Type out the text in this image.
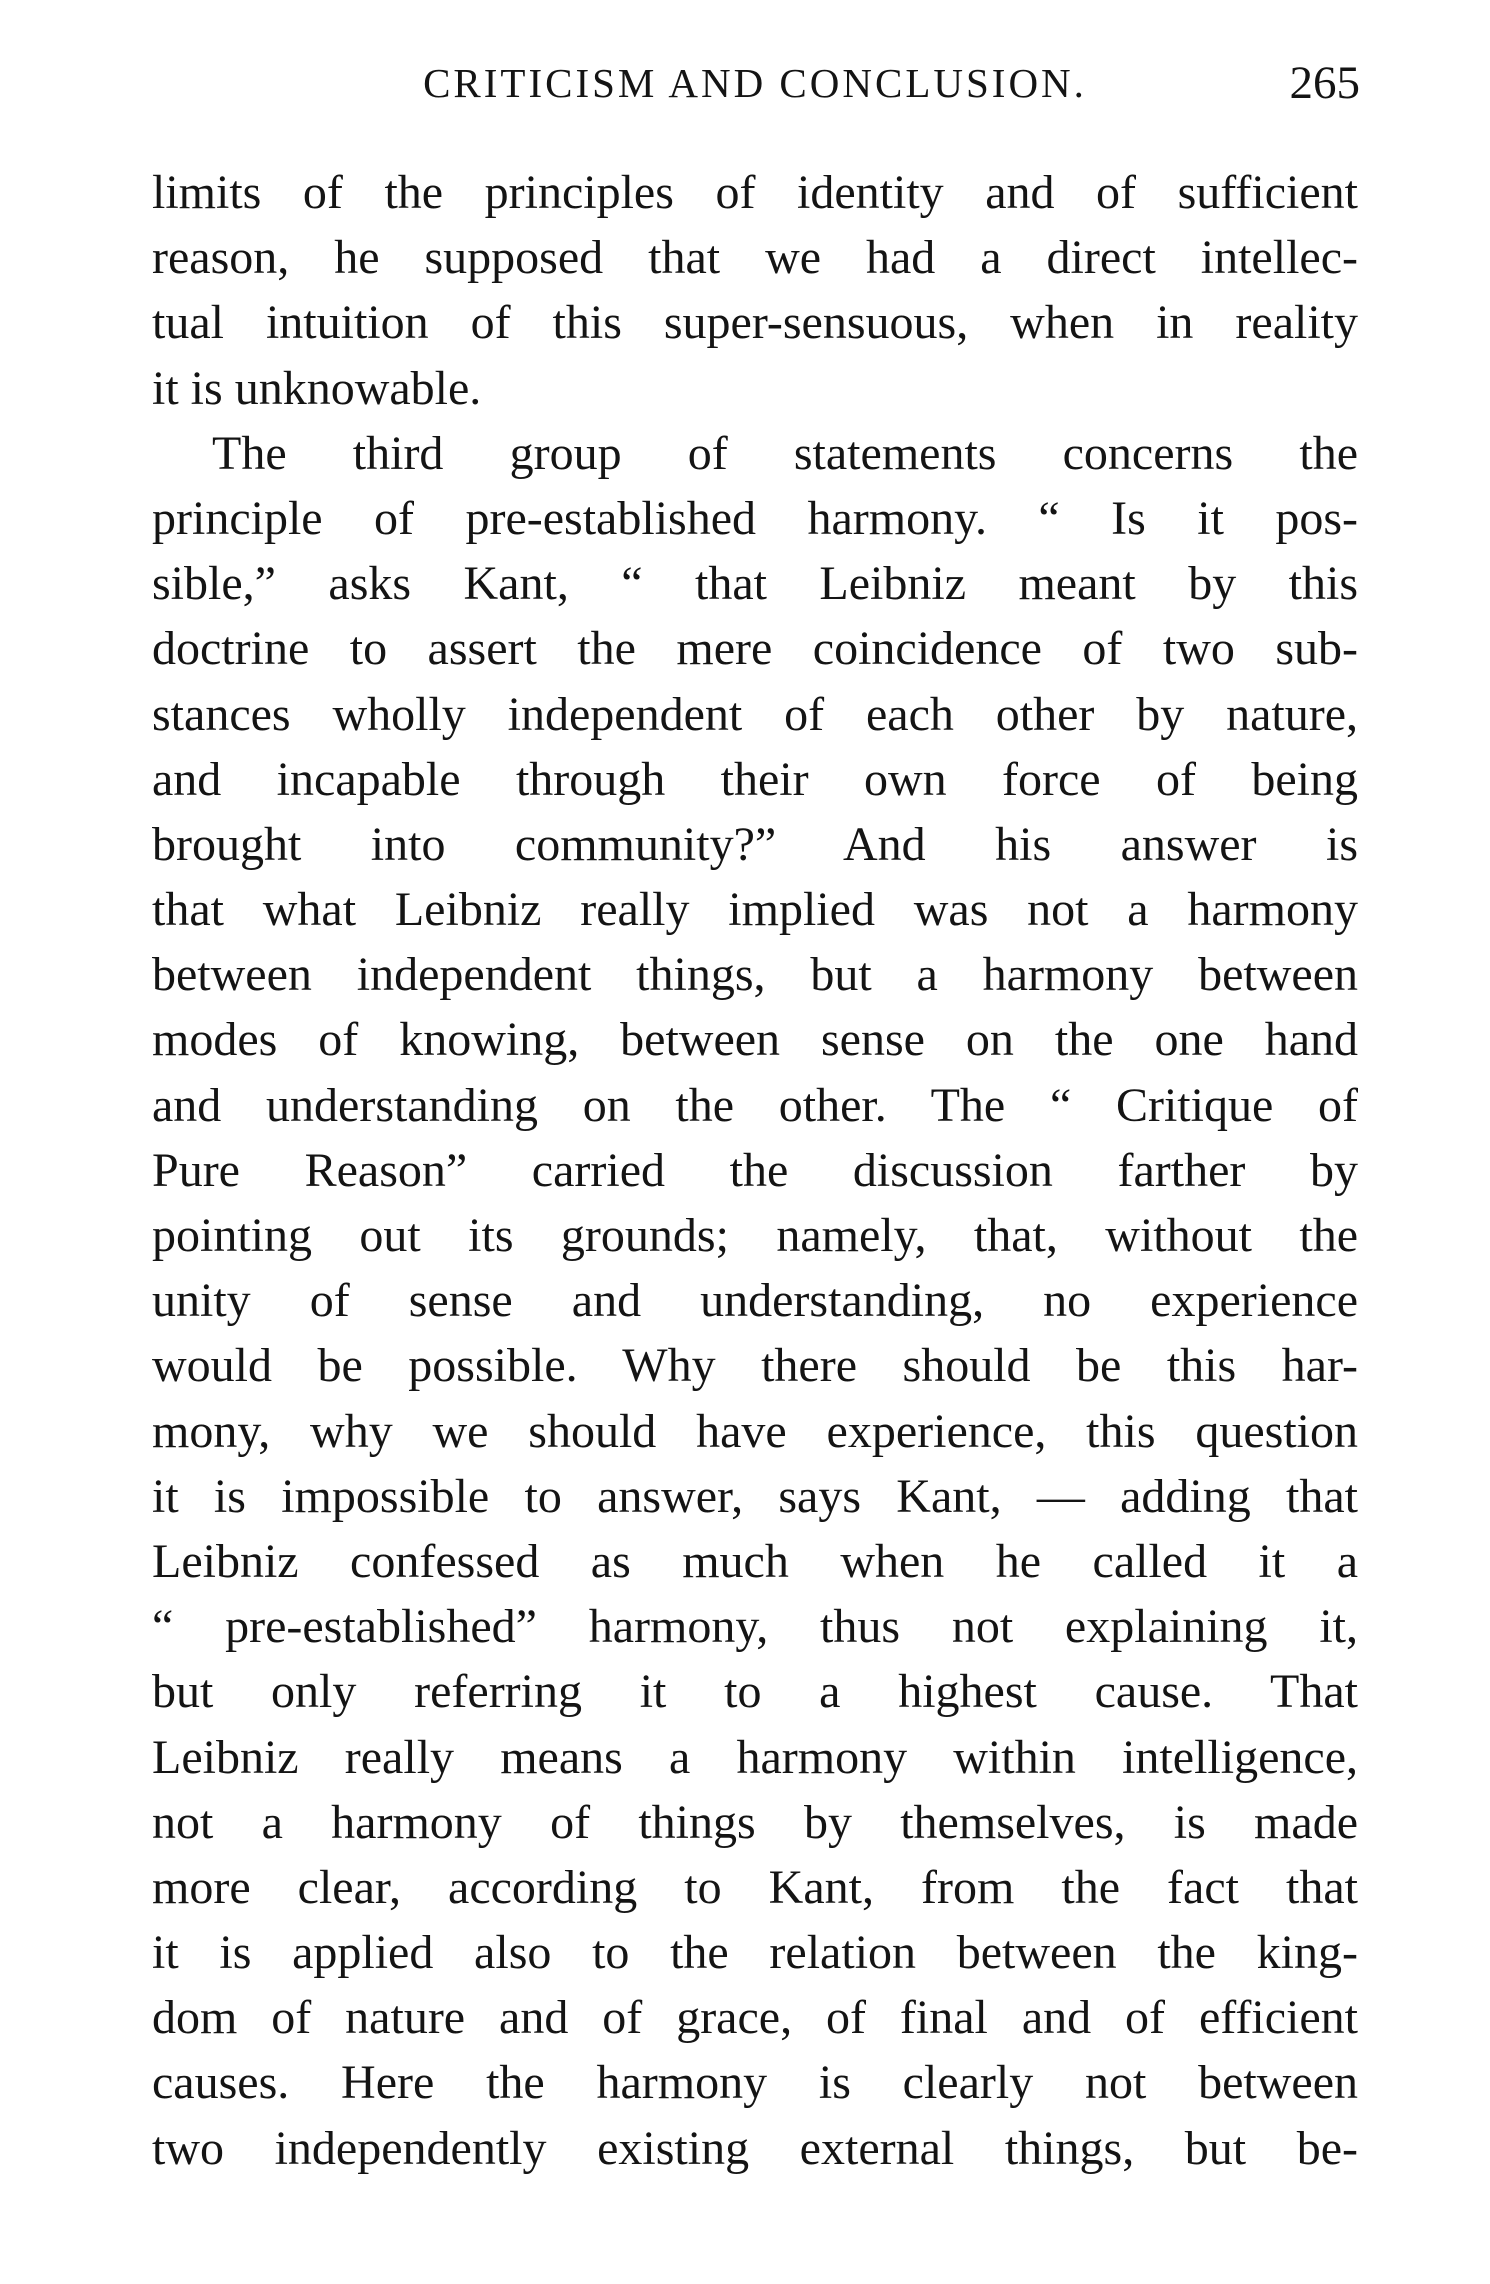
CRITICISM AND CONCLUSION.	265
limits of the principles of identity and of sufficient
reason, he supposed that we had a direct intellec-
tual intuition of this super-sensuous, when in reality
it is unknowable.
The third group of statements concerns the
principle of pre-established harmony. “ Is it pos-
sible,” asks Kant, “ that Leibniz meant by this
doctrine to assert the mere coincidence of two sub-
stances wholly independent of each other by nature,
and incapable through their own force of being
brought into community?” And his answer is
that what Leibniz really implied was not a harmony
between independent things, but a harmony between
modes of knowing, between sense on the one hand
and understanding on the other. The “ Critique of
Pure Reason” carried the discussion farther by
pointing out its grounds; namely, that, without the
unity of sense and understanding, no experience
would be possible. Why there should be this har-
mony, why we should have experience, this question
it is impossible to answer, says Kant, — adding that
Leibniz confessed as much when he called it a
“ pre-established” harmony, thus not explaining it,
but only referring it to a highest cause. That
Leibniz really means a harmony within intelligence,
not a harmony of things by themselves, is made
more clear, according to Kant, from the fact that
it is applied also to the relation between the king-
dom of nature and of grace, of final and of efficient
causes. Here the harmony is clearly not between
two independently existing external things, but be-
